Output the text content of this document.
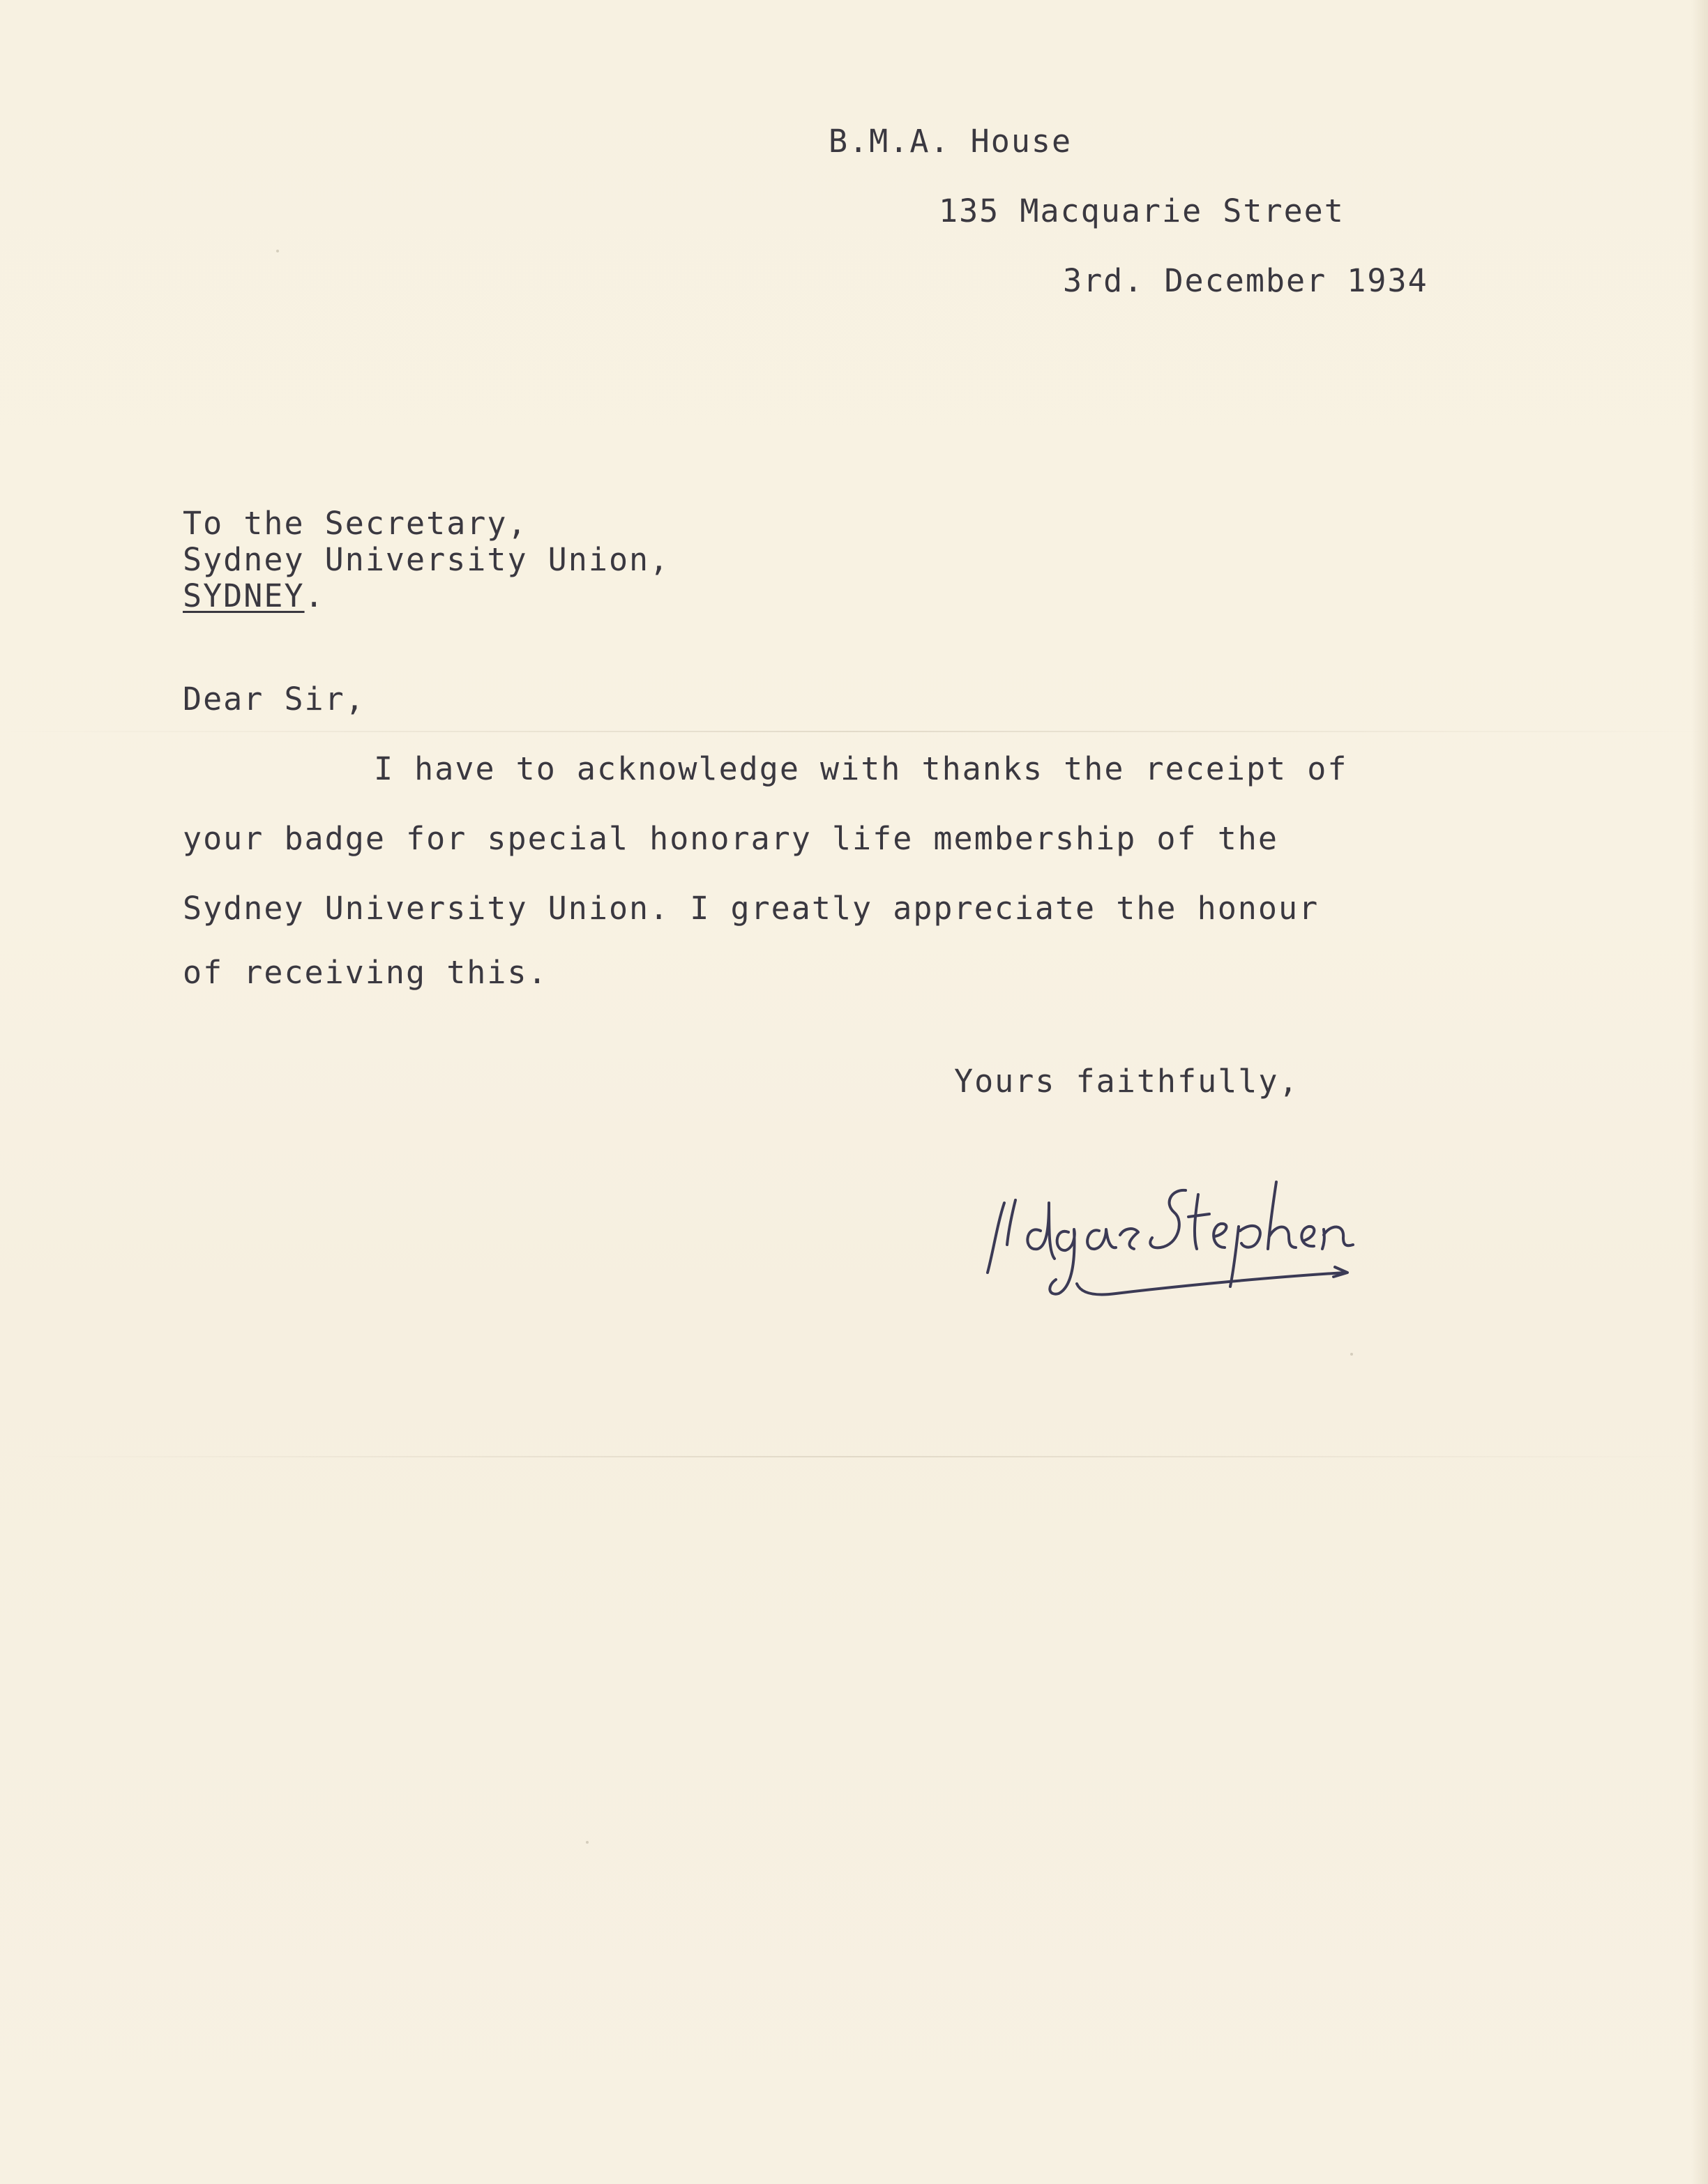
B.M.A. House
135 Macquarie Street
3rd. December 1934
To the Secretary,
Sydney University Union,
SYDNEY.
Dear Sir,
I have to acknowledge with thanks the receipt of
your badge for special honorary life membership of the
Sydney University Union. I greatly appreciate the honour
of receiving this.
Yours faithfully,
